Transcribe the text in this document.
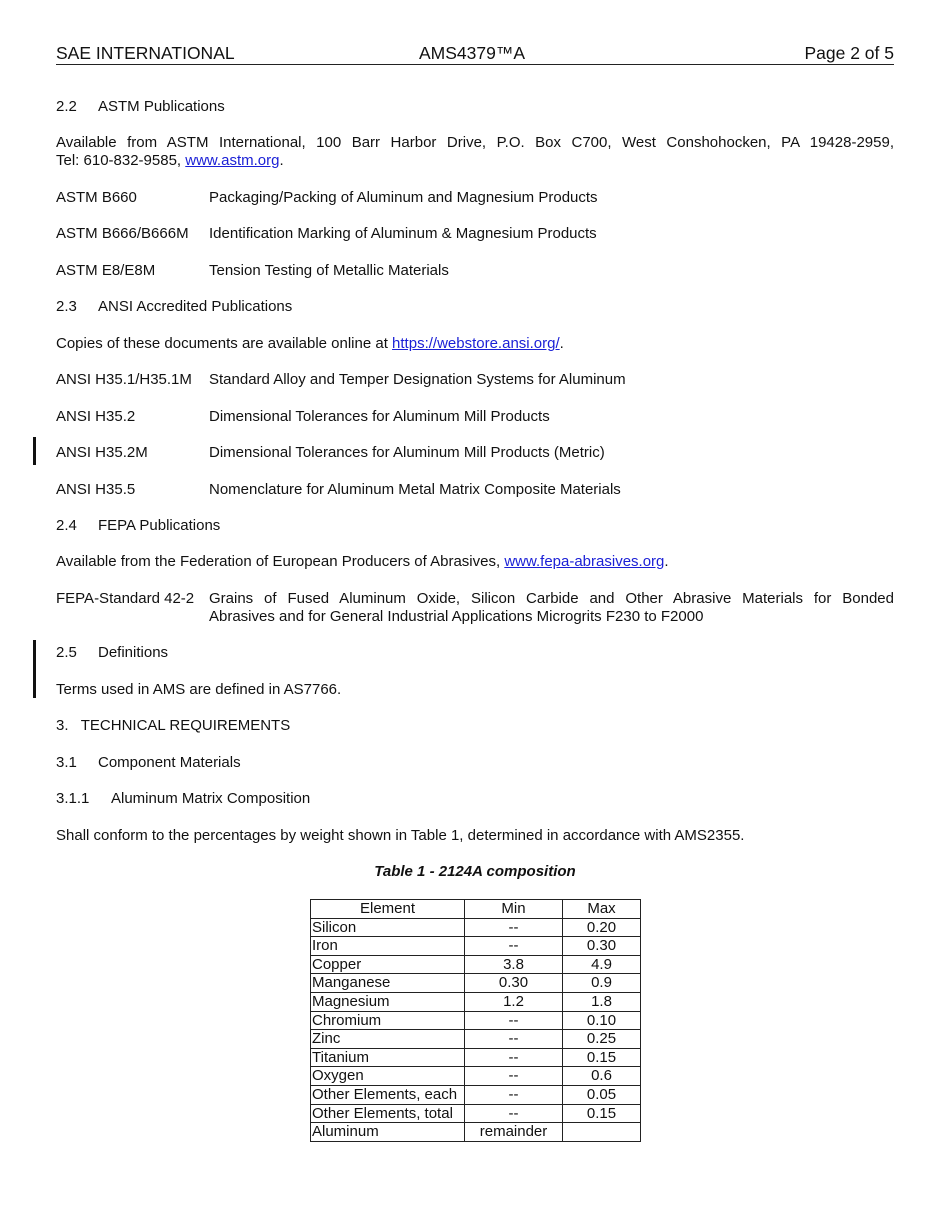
SAE INTERNATIONAL	AMS4379™A	Page 2 of 5
2.2 ASTM Publications
Available from ASTM International, 100 Barr Harbor Drive, P.O. Box C700, West Conshohocken, PA 19428-2959,
Tel: 610-832-9585, www.astm.org.
ASTM B660	Packaging/Packing of Aluminum and Magnesium Products
ASTM B666/B666M Identification Marking of Aluminum & Magnesium Products
ASTM E8/E8M	Tension Testing of Metallic Materials
2.3 ANSI Accredited Publications
Copies of these documents are available online at https://webstore.ansi.org/.
ANSI H35.1/H35.1M Standard Alloy and Temper Designation Systems for Aluminum
ANSI H35.2	Dimensional Tolerances for Aluminum Mill Products
ANSI H35.2M	Dimensional Tolerances for Aluminum Mill Products (Metric)
ANSI H35.5	Nomenclature for Aluminum Metal Matrix Composite Materials
2.4 FEPA Publications
Available from the Federation of European Producers of Abrasives, www.fepa-abrasives.org.
FEPA-Standard 42-2 Grains of Fused Aluminum Oxide, Silicon Carbide and Other Abrasive Materials for Bonded
Abrasives and for General Industrial Applications Microgrits F230 to F2000
2.5 Definitions
Terms used in AMS are defined in AS7766.
3.   TECHNICAL REQUIREMENTS
3.1 Component Materials
3.1.1 Aluminum Matrix Composition
Shall conform to the percentages by weight shown in Table 1, determined in accordance with AMS2355.
Table 1 - 2124A composition
Element	Min	Max
Silicon	--	0.20
Iron	--	0.30
Copper	3.8	4.9
Manganese	0.30	0.9
Magnesium	1.2	1.8
Chromium	--	0.10
Zinc	--	0.25
Titanium	--	0.15
Oxygen	--	0.6
Other Elements, each	--	0.05
Other Elements, total	--	0.15
Aluminum	remainder	
